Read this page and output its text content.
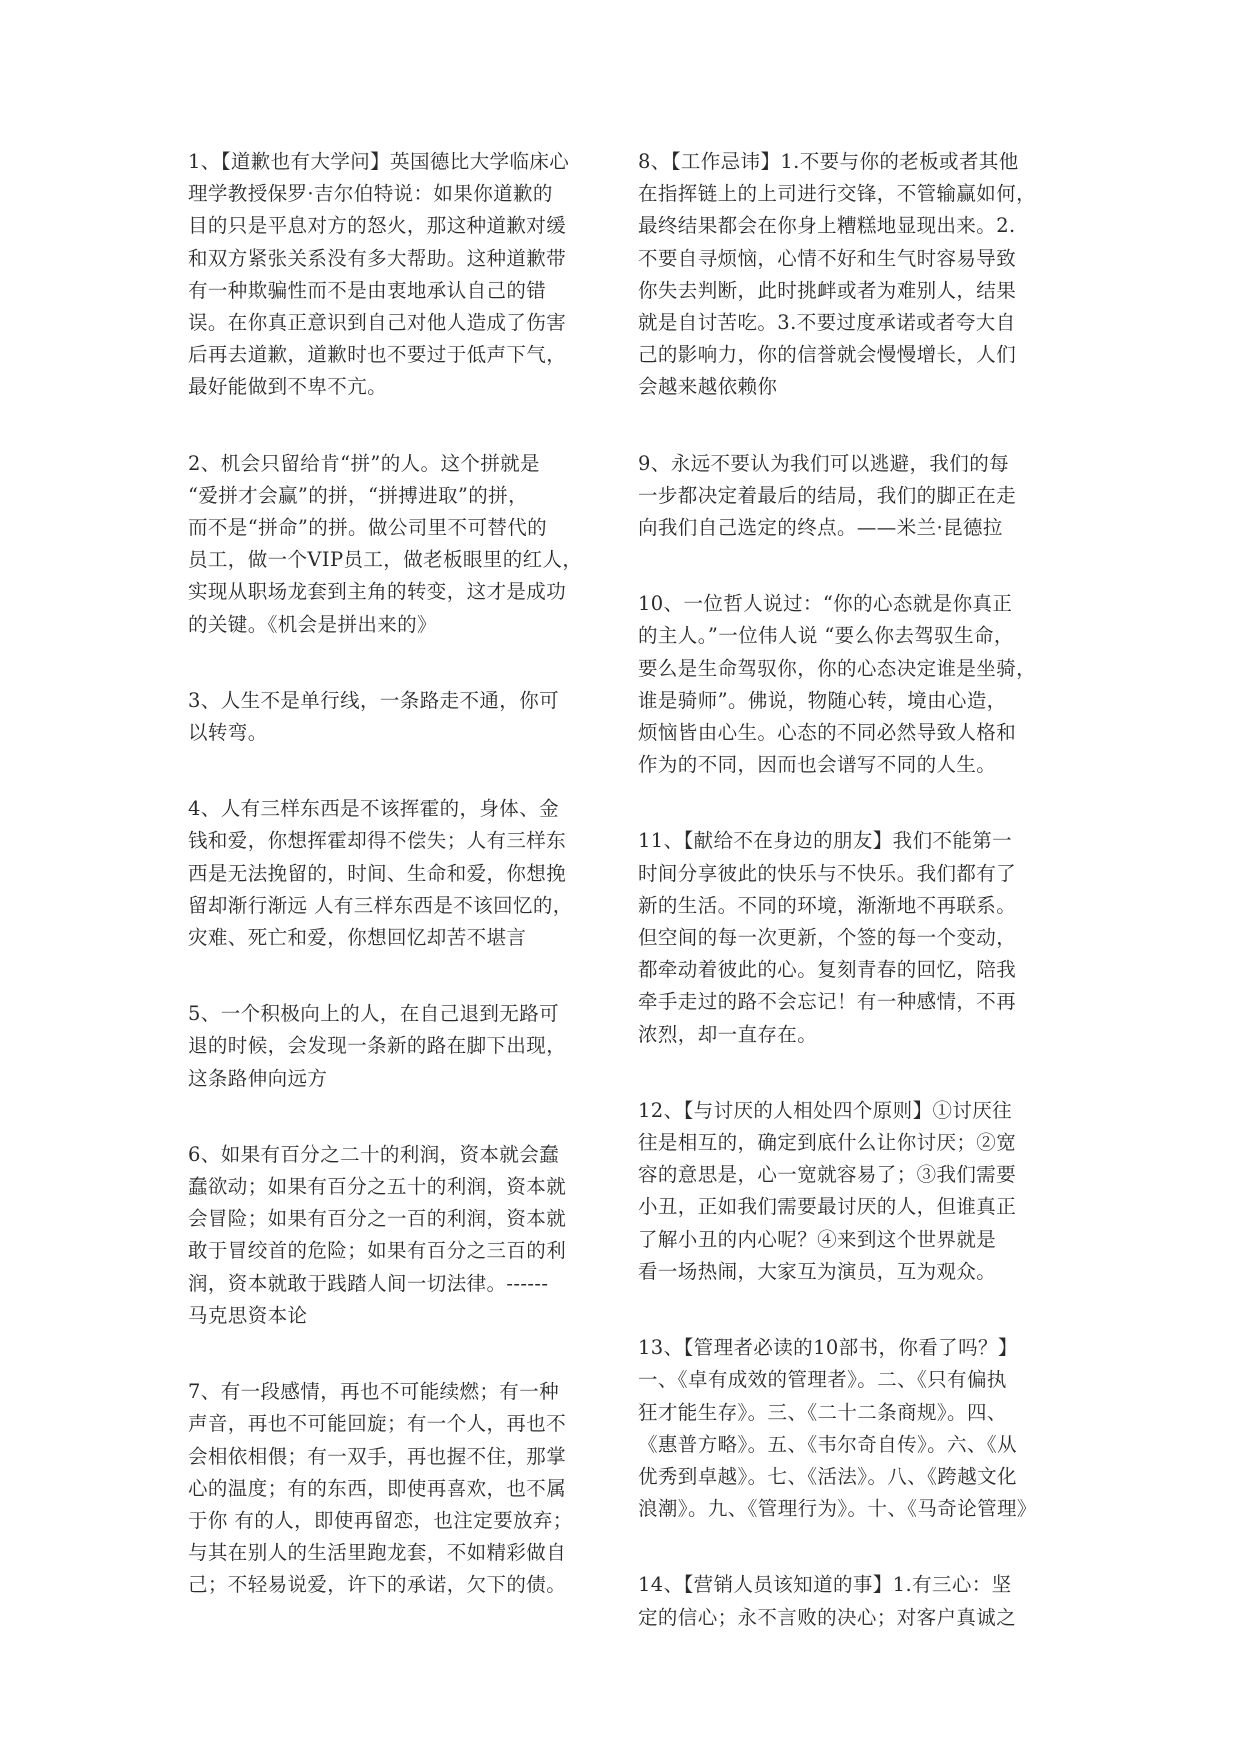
1、【道歉也有大学问】英国德比大学临床心
理学教授保罗·吉尔伯特说：如果你道歉的
目的只是平息对方的怒火，那这种道歉对缓
和双方紧张关系没有多大帮助。这种道歉带
有一种欺骗性而不是由衷地承认自己的错
误。在你真正意识到自己对他人造成了伤害
后再去道歉，道歉时也不要过于低声下气，
最好能做到不卑不亢。

2、机会只留给肯“拼”的人。这个拼就是
“爱拼才会赢”的拼，“拼搏进取”的拼，
而不是“拼命”的拼。做公司里不可替代的
员工，做一个VIP员工，做老板眼里的红人，
实现从职场龙套到主角的转变，这才是成功
的关键。《机会是拼出来的》

3、人生不是单行线，一条路走不通，你可
以转弯。

4、人有三样东西是不该挥霍的，身体、金
钱和爱，你想挥霍却得不偿失；人有三样东
西是无法挽留的，时间、生命和爱，你想挽
留却渐行渐远 人有三样东西是不该回忆的，
灾难、死亡和爱，你想回忆却苦不堪言

5、一个积极向上的人，在自己退到无路可
退的时候，会发现一条新的路在脚下出现，
这条路伸向远方

6、如果有百分之二十的利润，资本就会蠢
蠢欲动；如果有百分之五十的利润，资本就
会冒险；如果有百分之一百的利润，资本就
敢于冒绞首的危险；如果有百分之三百的利
润，资本就敢于践踏人间一切法律。------
马克思资本论

7、有一段感情，再也不可能续燃；有一种
声音，再也不可能回旋；有一个人，再也不
会相依相偎；有一双手，再也握不住，那掌
心的温度；有的东西，即使再喜欢，也不属
于你 有的人，即使再留恋，也注定要放弃；
与其在别人的生活里跑龙套，不如精彩做自
己；不轻易说爱，许下的承诺，欠下的债。

8、【工作忌讳】1.不要与你的老板或者其他
在指挥链上的上司进行交锋，不管输赢如何，
最终结果都会在你身上糟糕地显现出来。2.
不要自寻烦恼，心情不好和生气时容易导致
你失去判断，此时挑衅或者为难别人，结果
就是自讨苦吃。3.不要过度承诺或者夸大自
己的影响力，你的信誉就会慢慢增长，人们
会越来越依赖你

9、永远不要认为我们可以逃避，我们的每
一步都决定着最后的结局，我们的脚正在走
向我们自己选定的终点。——米兰·昆德拉

10、一位哲人说过：“你的心态就是你真正
的主人。”一位伟人说 “要么你去驾驭生命，
要么是生命驾驭你，你的心态决定谁是坐骑，
谁是骑师”。佛说，物随心转，境由心造，
烦恼皆由心生。心态的不同必然导致人格和
作为的不同，因而也会谱写不同的人生。

11、【献给不在身边的朋友】我们不能第一
时间分享彼此的快乐与不快乐。我们都有了
新的生活。不同的环境，渐渐地不再联系。
但空间的每一次更新，个签的每一个变动，
都牵动着彼此的心。复刻青春的回忆，陪我
牵手走过的路不会忘记！有一种感情，不再
浓烈，却一直存在。

12、【与讨厌的人相处四个原则】①讨厌往
往是相互的，确定到底什么让你讨厌；②宽
容的意思是，心一宽就容易了；③我们需要
小丑，正如我们需要最讨厌的人，但谁真正
了解小丑的内心呢？④来到这个世界就是
看一场热闹，大家互为演员，互为观众。

13、【管理者必读的10部书，你看了吗？】
一、《卓有成效的管理者》。二、《只有偏执
狂才能生存》。三、《二十二条商规》。四、
《惠普方略》。五、《韦尔奇自传》。六、《从
优秀到卓越》。七、《活法》。八、《跨越文化
浪潮》。九、《管理行为》。十、《马奇论管理》

14、【营销人员该知道的事】1.有三心：坚
定的信心；永不言败的决心；对客户真诚之
